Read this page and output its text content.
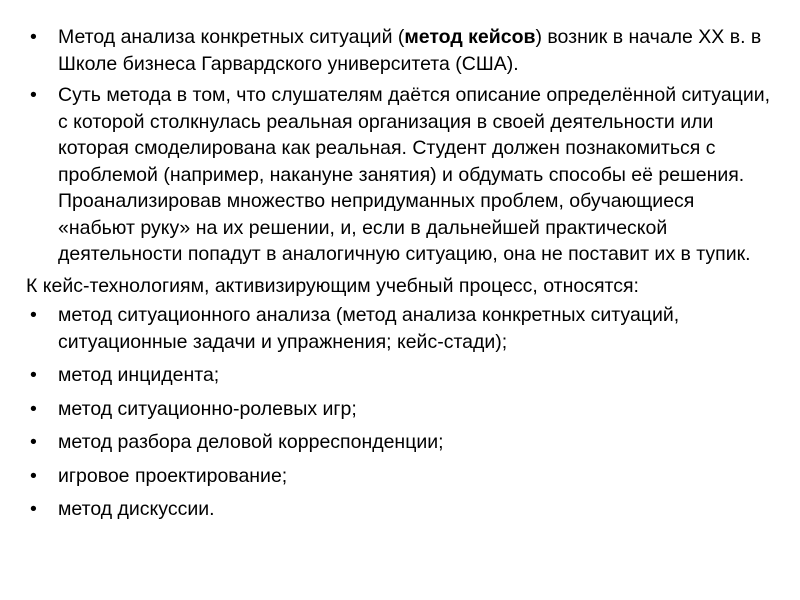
•	Метод анализа конкретных ситуаций (метод кейсов) возник в начале XX в. в Школе бизнеса Гарвардского университета (США).
•	Суть метода в том, что слушателям даётся описание определённой ситуации, с которой столкнулась реальная организация в своей деятельности или которая смоделирована как реальная. Студент должен познакомиться с проблемой (например, накануне занятия) и обдумать способы её решения. Проанализировав множество непридуманных проблем, обучающиеся «набьют руку» на их решении, и, если в дальнейшей практической деятельности попадут в аналогичную ситуацию, она не поставит их в тупик.
К кейс-технологиям, активизирующим учебный процесс, относятся:
•	метод ситуационного анализа (метод анализа конкретных ситуаций, ситуационные задачи и упражнения; кейс-стади);
•	метод инцидента;
•	метод ситуационно-ролевых игр;
•	метод разбора деловой корреспонденции;
•	игровое проектирование;
•	метод дискуссии.
